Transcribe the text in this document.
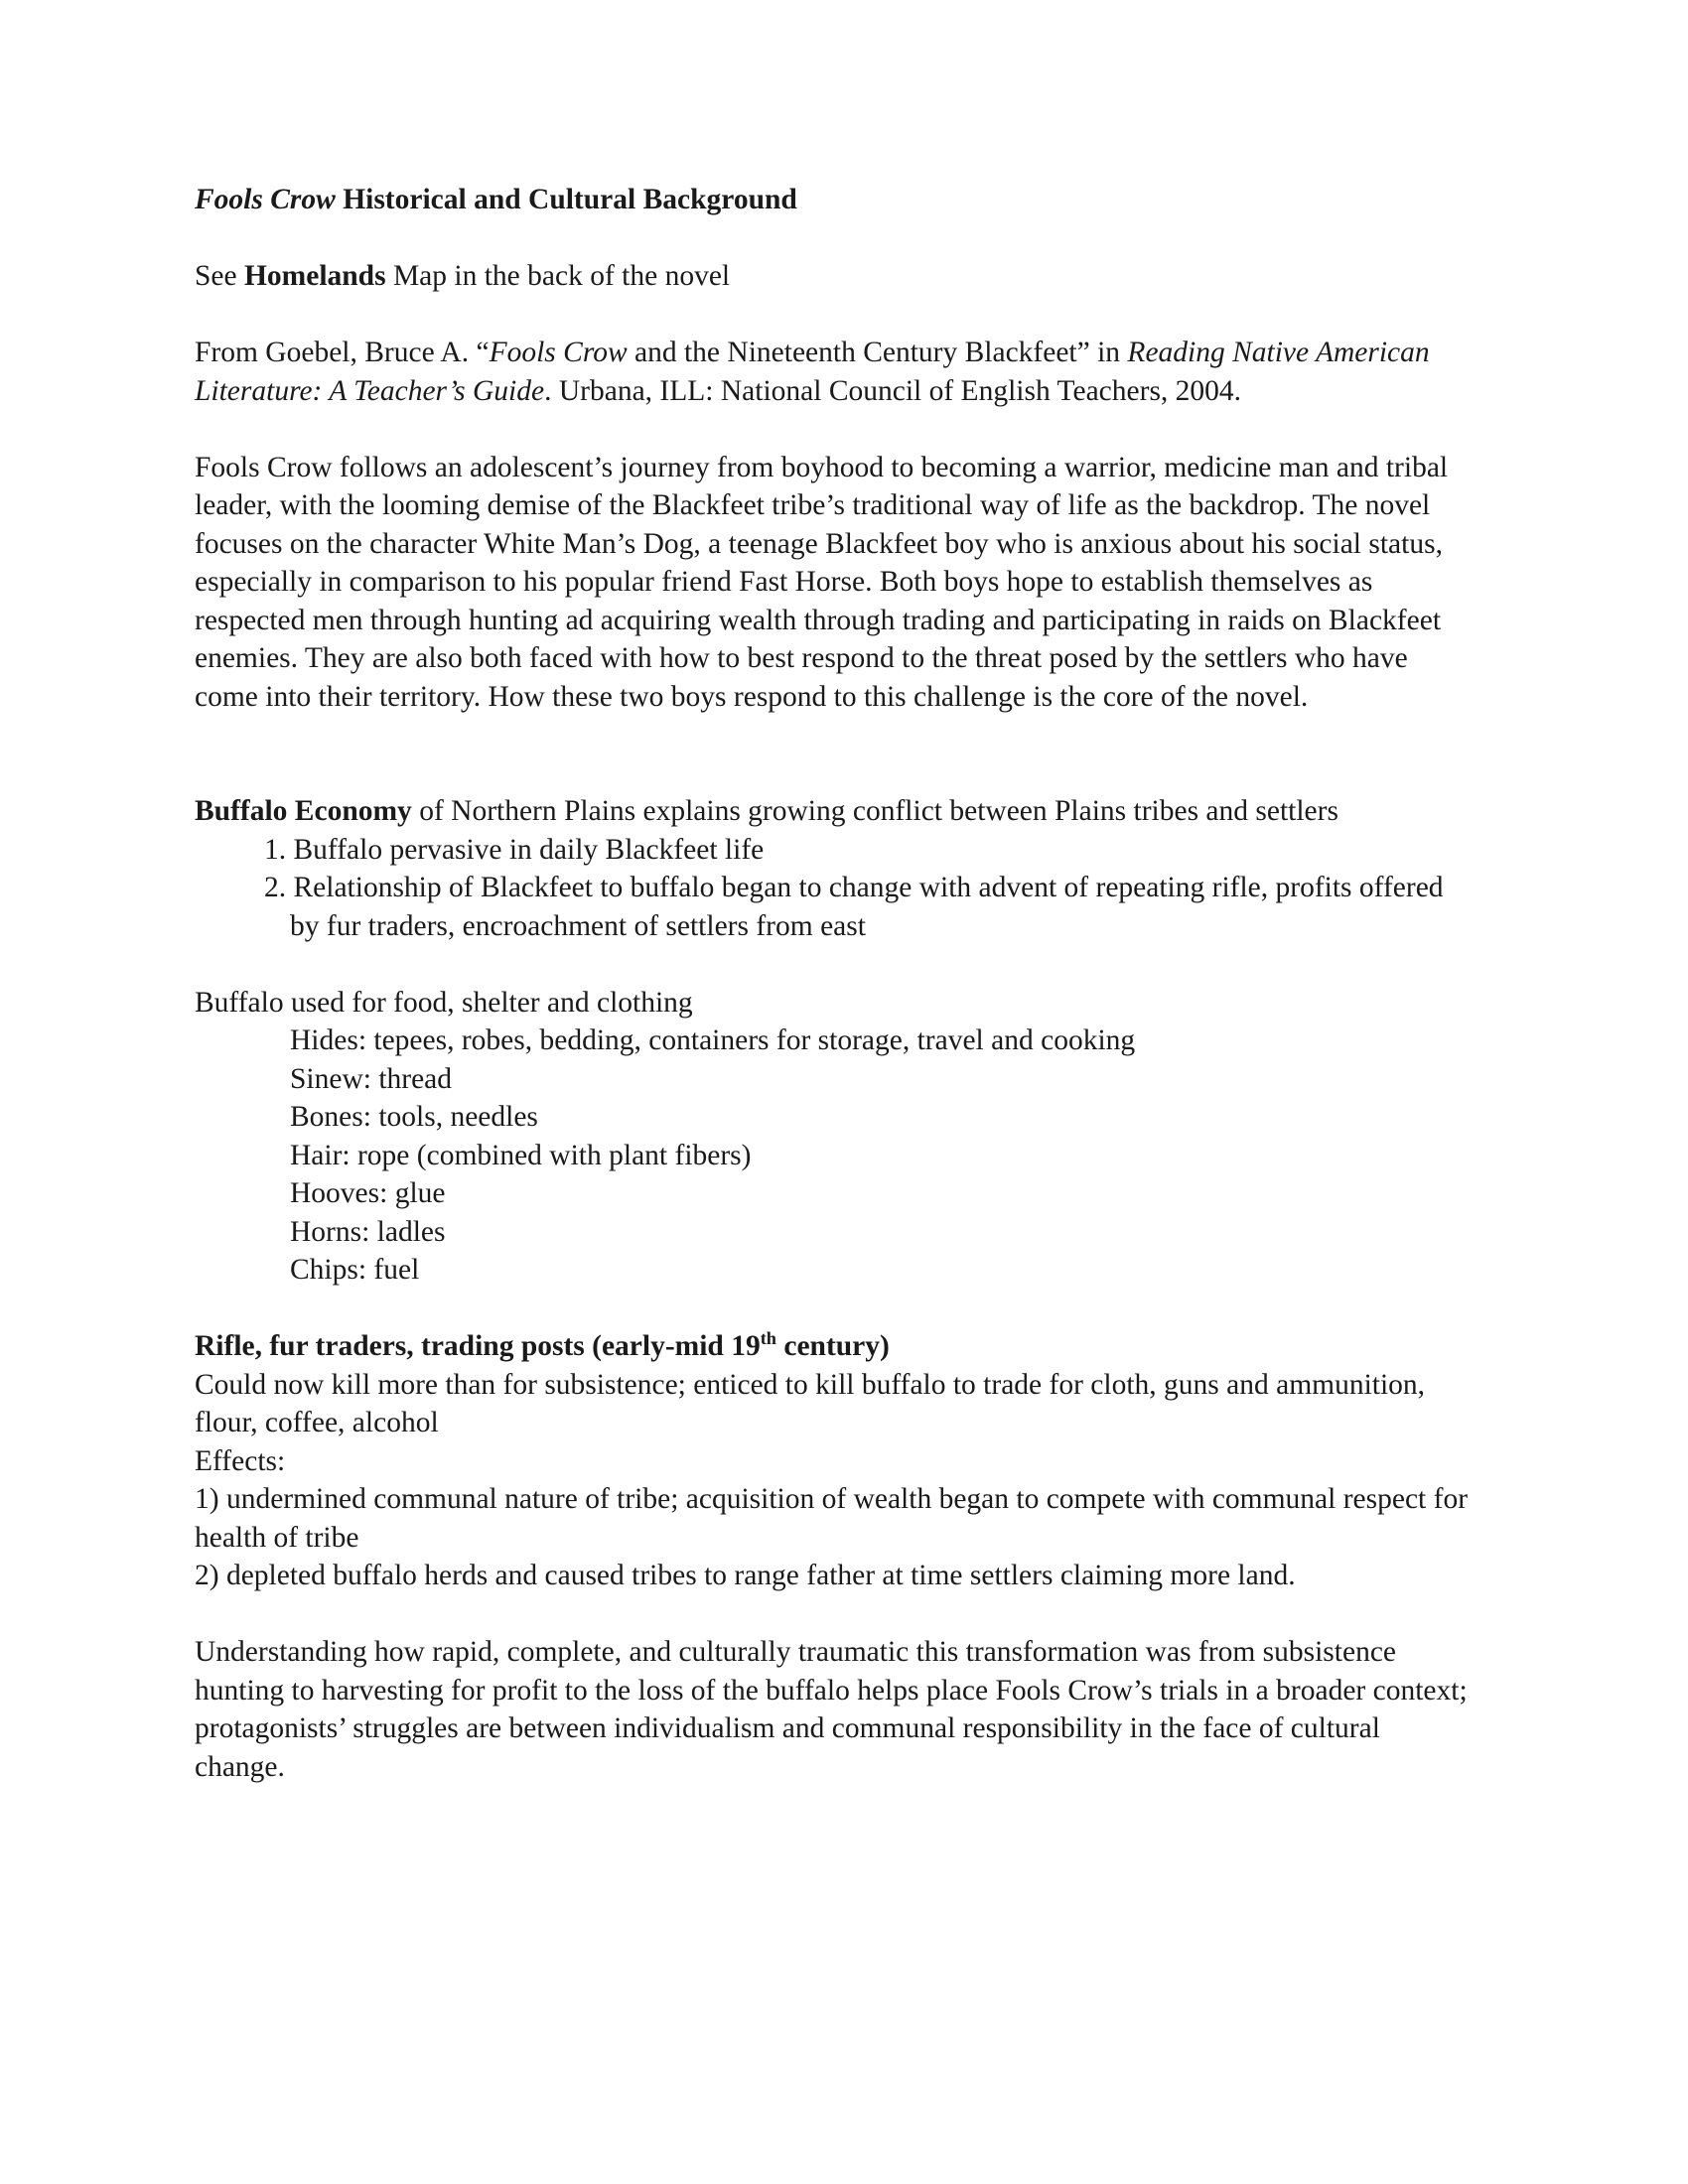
Fools Crow Historical and Cultural Background

See Homelands Map in the back of the novel

From Goebel, Bruce A. “Fools Crow and the Nineteenth Century Blackfeet” in Reading Native American Literature: A Teacher’s Guide. Urbana, ILL: National Council of English Teachers, 2004.

Fools Crow follows an adolescent’s journey from boyhood to becoming a warrior, medicine man and tribal leader, with the looming demise of the Blackfeet tribe’s traditional way of life as the backdrop. The novel focuses on the character White Man’s Dog, a teenage Blackfeet boy who is anxious about his social status, especially in comparison to his popular friend Fast Horse. Both boys hope to establish themselves as respected men through hunting ad acquiring wealth through trading and participating in raids on Blackfeet enemies. They are also both faced with how to best respond to the threat posed by the settlers who have come into their territory. How these two boys respond to this challenge is the core of the novel.

Buffalo Economy of Northern Plains explains growing conflict between Plains tribes and settlers

1. Buffalo pervasive in daily Blackfeet life

2. Relationship of Blackfeet to buffalo began to change with advent of repeating rifle, profits offered by fur traders, encroachment of settlers from east

Buffalo used for food, shelter and clothing

Hides: tepees, robes, bedding, containers for storage, travel and cooking

Sinew: thread

Bones: tools, needles

Hair: rope (combined with plant fibers)

Hooves: glue

Horns: ladles

Chips: fuel

Rifle, fur traders, trading posts (early-mid 19th century)

Could now kill more than for subsistence; enticed to kill buffalo to trade for cloth, guns and ammunition, flour, coffee, alcohol

Effects:

1) undermined communal nature of tribe; acquisition of wealth began to compete with communal respect for health of tribe

2) depleted buffalo herds and caused tribes to range father at time settlers claiming more land.

Understanding how rapid, complete, and culturally traumatic this transformation was from subsistence hunting to harvesting for profit to the loss of the buffalo helps place Fools Crow’s trials in a broader context; protagonists’ struggles are between individualism and communal responsibility in the face of cultural change.
